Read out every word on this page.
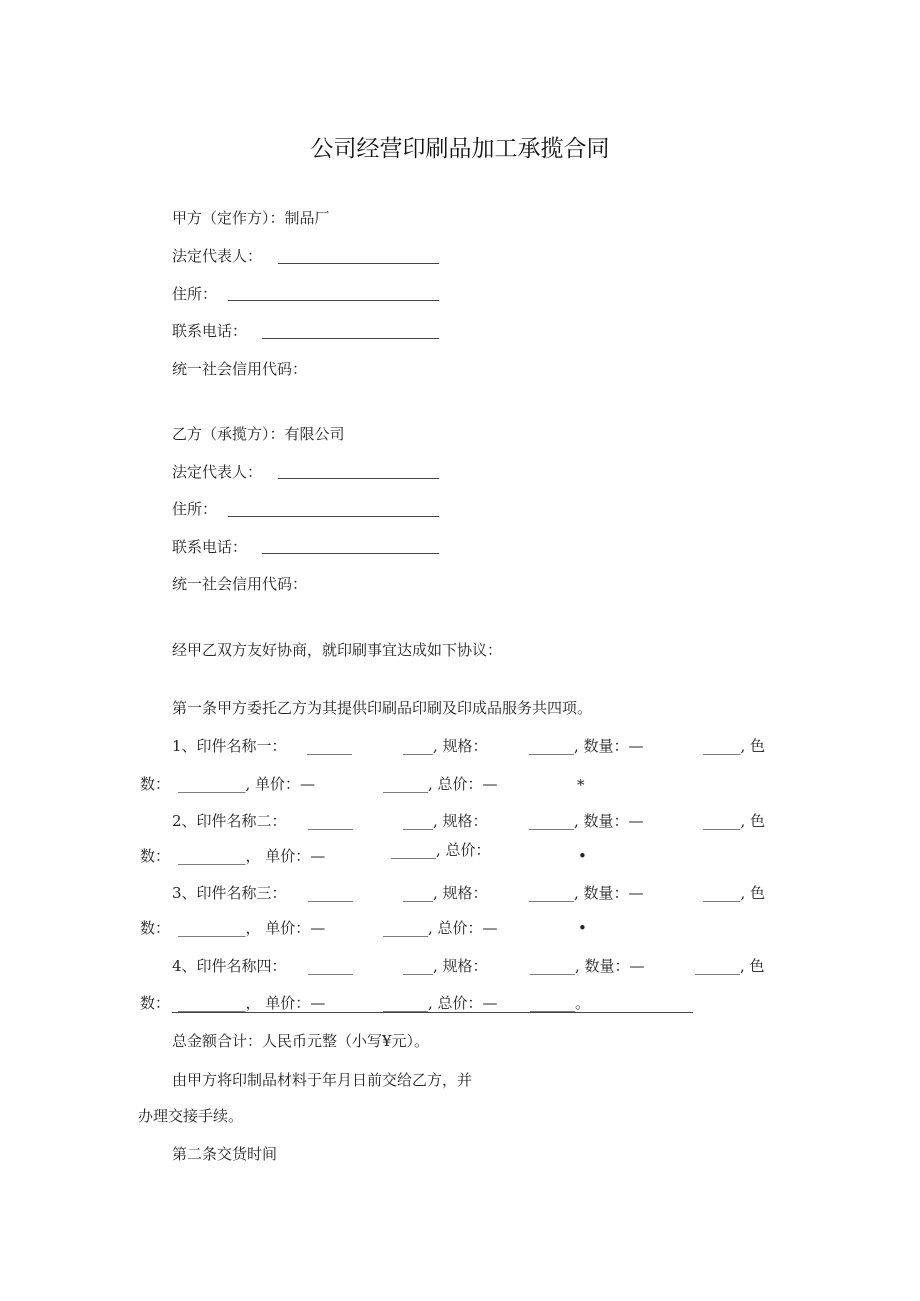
公司经营印刷品加工承揽合同
甲方（定作方）：制品厂
法定代表人：
住所：
联系电话：
统一社会信用代码：
乙方（承揽方）：有限公司
法定代表人：
住所：
联系电话：
统一社会信用代码：
经甲乙双方友好协商，就印刷事宜达成如下协议：
第一条甲方委托乙方为其提供印刷品印刷及印成品服务共四项。
1、印件名称一： ______	____, 规格：	______, 数量：—	_____, 色
数： _________, 单价：—	______, 总价：—	*
2、印件名称二： ______	____, 规格：	______, 数量：—	_____, 色
数： _________， 单价：—	______, 总价：	•
3、印件名称三： ______	____, 规格：	______, 数量：—	_____, 色
数： _________， 单价：—	______, 总价：—	•
4、印件名称四： ______	____, 规格：	______, 数量：—	______, 色
数： _________， 单价：—	______, 总价：— ______。
总金额合计：人民币元整（小写¥元）。
由甲方将印制品材料于年月日前交给乙方，并
办理交接手续。
第二条交货时间
